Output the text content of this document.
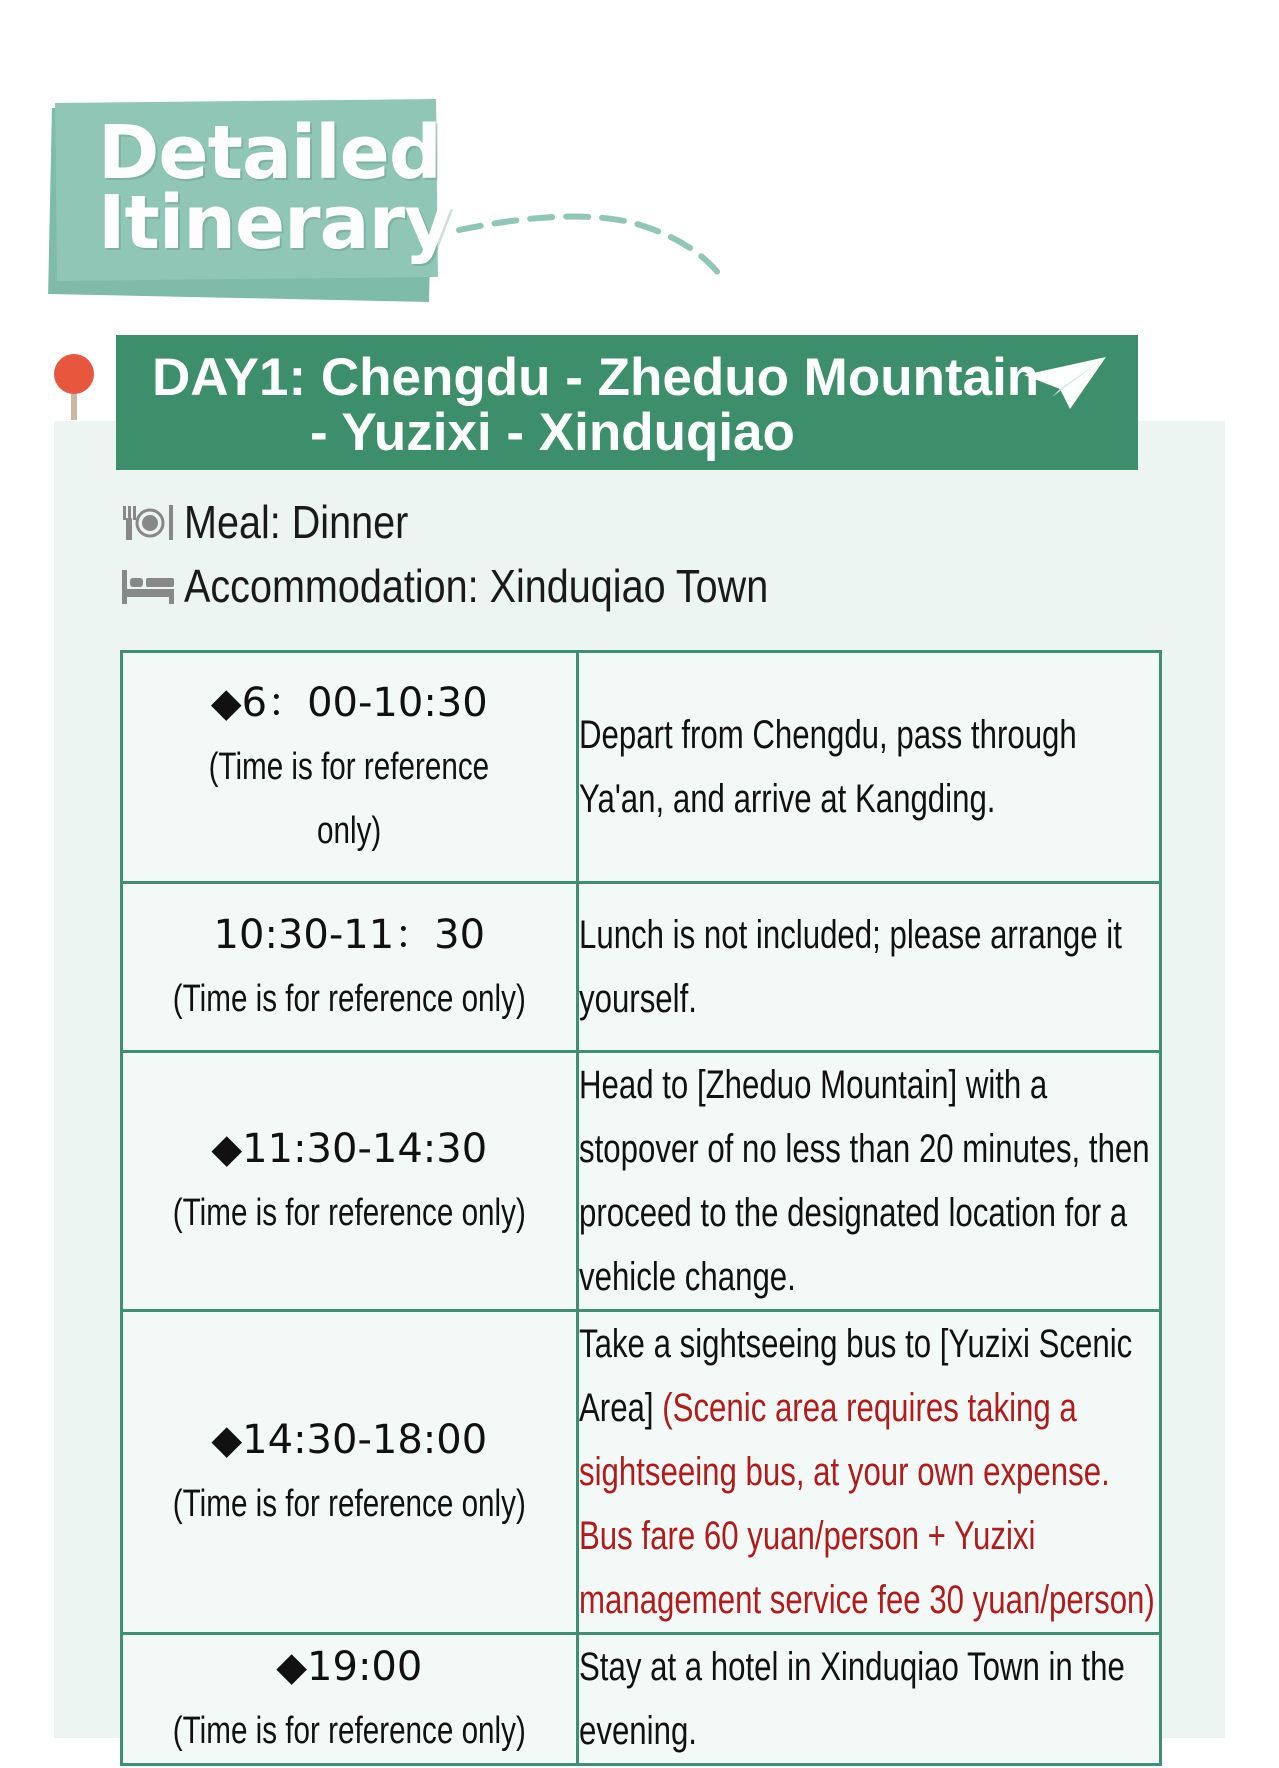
Detailed
Itinerary
DAY1: Chengdu - Zheduo Mountain
- Yuzixi - Xinduqiao
Meal: Dinner
Accommodation: Xinduqiao Town
◆6：00-10:30
(Time is for reference
only)	Depart from Chengdu, pass through Ya'an, and arrive at Kangding.

10:30-11：30
(Time is for reference only)	Lunch is not included; please arrange it yourself.

◆11:30-14:30
(Time is for reference only)	Head to [Zheduo Mountain] with a stopover of no less than 20 minutes, then proceed to the designated location for a vehicle change.

◆14:30-18:00
(Time is for reference only)	Take a sightseeing bus to [Yuzixi Scenic Area] (Scenic area requires taking a sightseeing bus, at your own expense. Bus fare 60 yuan/person + Yuzixi management service fee 30 yuan/person)

◆19:00
(Time is for reference only)	Stay at a hotel in Xinduqiao Town in the evening.
